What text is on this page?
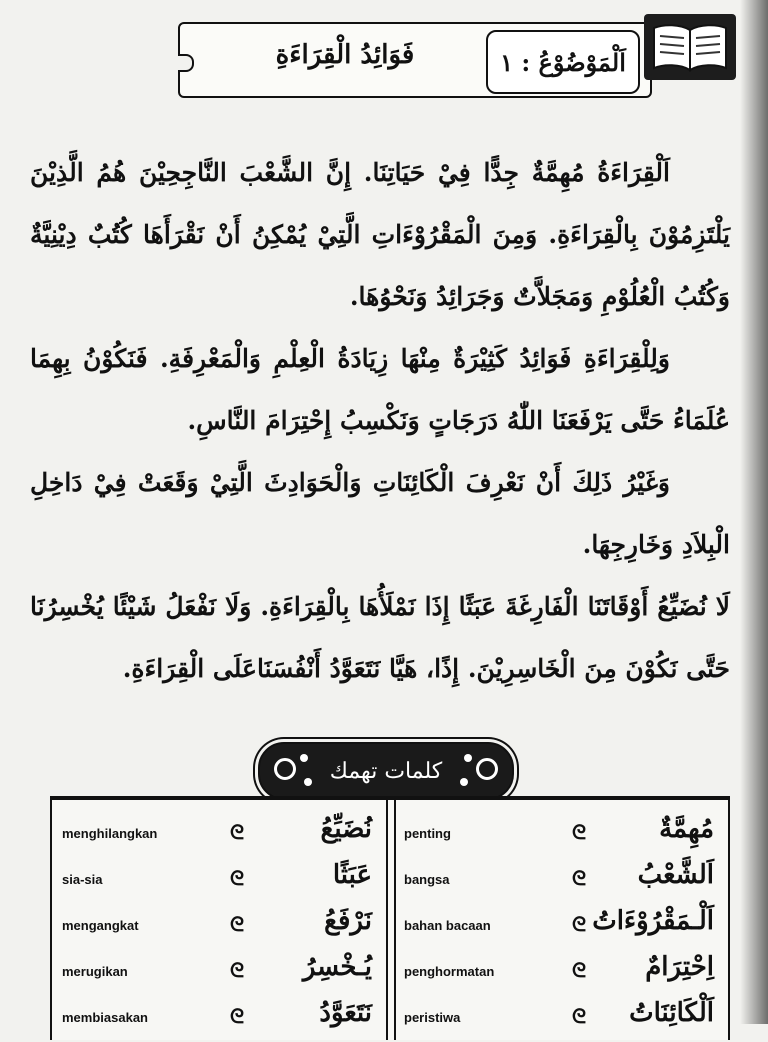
فَوَائِدُ الْقِرَاءَةِ	اَلْمَوْضُوْعُ : ١

اَلْقِرَاءَةُ مُهِمَّةٌ جِدًّا فِيْ حَيَاتِنَا. إِنَّ الشَّعْبَ النَّاجِحِيْنَ هُمُ الَّذِيْنَ يَلْتَزِمُوْنَ بِالْقِرَاءَةِ. وَمِنَ الْمَقْرُوْءَاتِ الَّتِيْ يُمْكِنُ أَنْ نَقْرَأَهَا كُتُبٌ دِيْنِيَّةٌ وَكُتُبُ الْعُلُوْمِ وَمَجَلاَّتٌ وَجَرَائِدُ وَنَحْوُهَا.

وَلِلْقِرَاءَةِ فَوَائِدُ كَثِيْرَةٌ مِنْهَا زِيَادَةُ الْعِلْمِ وَالْمَعْرِفَةِ. فَنَكُوْنُ بِهِمَا عُلَمَاءُ حَتَّى يَرْفَعَنَا اللّٰهُ دَرَجَاتٍ وَنَكْسِبُ إِحْتِرَامَ النَّاسِ.

وَغَيْرُ ذَلِكَ أَنْ نَعْرِفَ الْكَائِنَاتِ وَالْحَوَادِثَ الَّتِيْ وَقَعَتْ فِيْ دَاخِلِ الْبِلاَدِ وَخَارِجِهَا.

لَا نُضَيِّعُ أَوْقَاتَنَا الْفَارِغَةَ عَبَثًا إِذَا نَمْلَأُهَا بِالْقِرَاءَةِ. وَلَا نَفْعَلُ شَيْئًا يُخْسِرُنَا حَتَّى نَكُوْنَ مِنَ الْخَاسِرِيْنَ. إِذًا، هَيَّا نَتَعَوَّدُ أَنْفُسَنَاعَلَى الْقِرَاءَةِ.

كلمات تهمك
menghilangkan	ᘓ	نُضَيِّعُ
sia-sia	ᘓ	عَبَثًا
mengangkat	ᘓ	نَرْفَعُ
merugikan	ᘓ يُـخْسِرُ
membiasakan	ᘓ	نَتَعَوَّدُ
penting	ᘓ	مُهِمَّةٌ
bangsa	ᘓ اَلشَّعْبُ
bahan bacaan	ᘓ اَلْـمَقْرُوْءَاتُ
penghormatan	ᘓ اِحْتِرَامٌ
peristiwa	ᘓ اَلْكَائِنَاتُ
